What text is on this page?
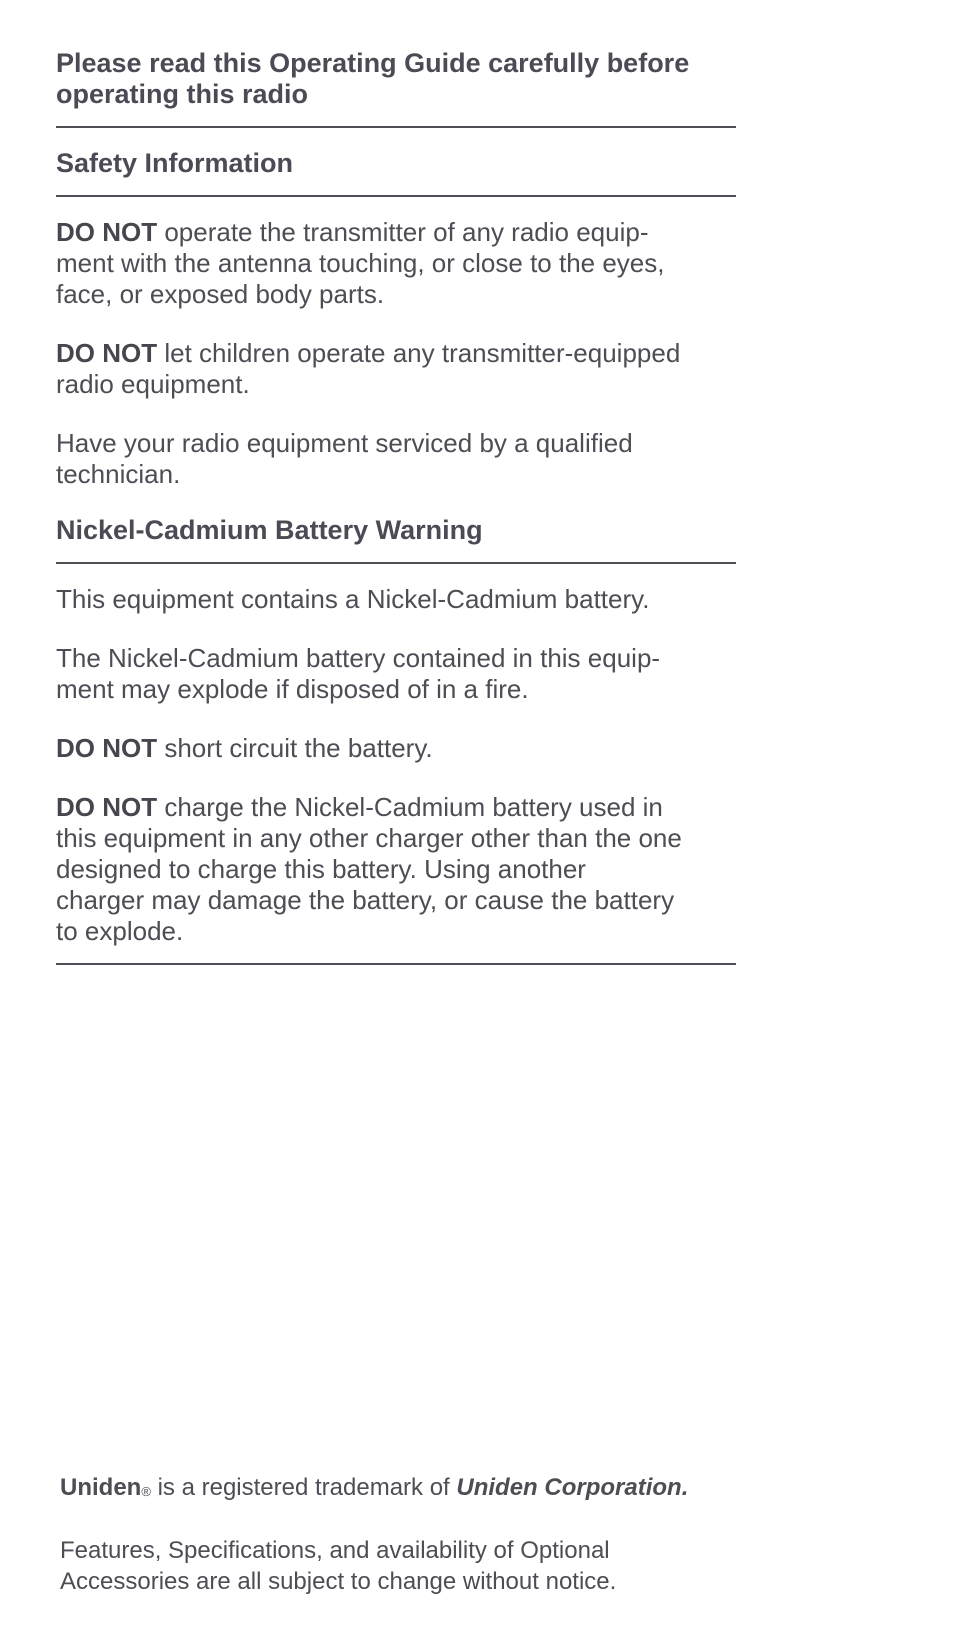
Please read this Operating Guide carefully before
operating this radio
Safety Information

DO NOT operate the transmitter of any radio equip-
ment with the antenna touching, or close to the eyes,
face, or exposed body parts.

DO NOT let children operate any transmitter-equipped
radio equipment.

Have your radio equipment serviced by a qualified
technician.

Nickel-Cadmium Battery Warning

This equipment contains a Nickel-Cadmium battery.

The Nickel-Cadmium battery contained in this equip-
ment may explode if disposed of in a fire.

DO NOT short circuit the battery.

DO NOT charge the Nickel-Cadmium battery used in
this equipment in any other charger other than the one
designed to charge this battery. Using another
charger may damage the battery, or cause the battery
to explode.

Uniden® is a registered trademark of Uniden Corporation.

Features, Specifications, and availability of Optional
Accessories are all subject to change without notice.
